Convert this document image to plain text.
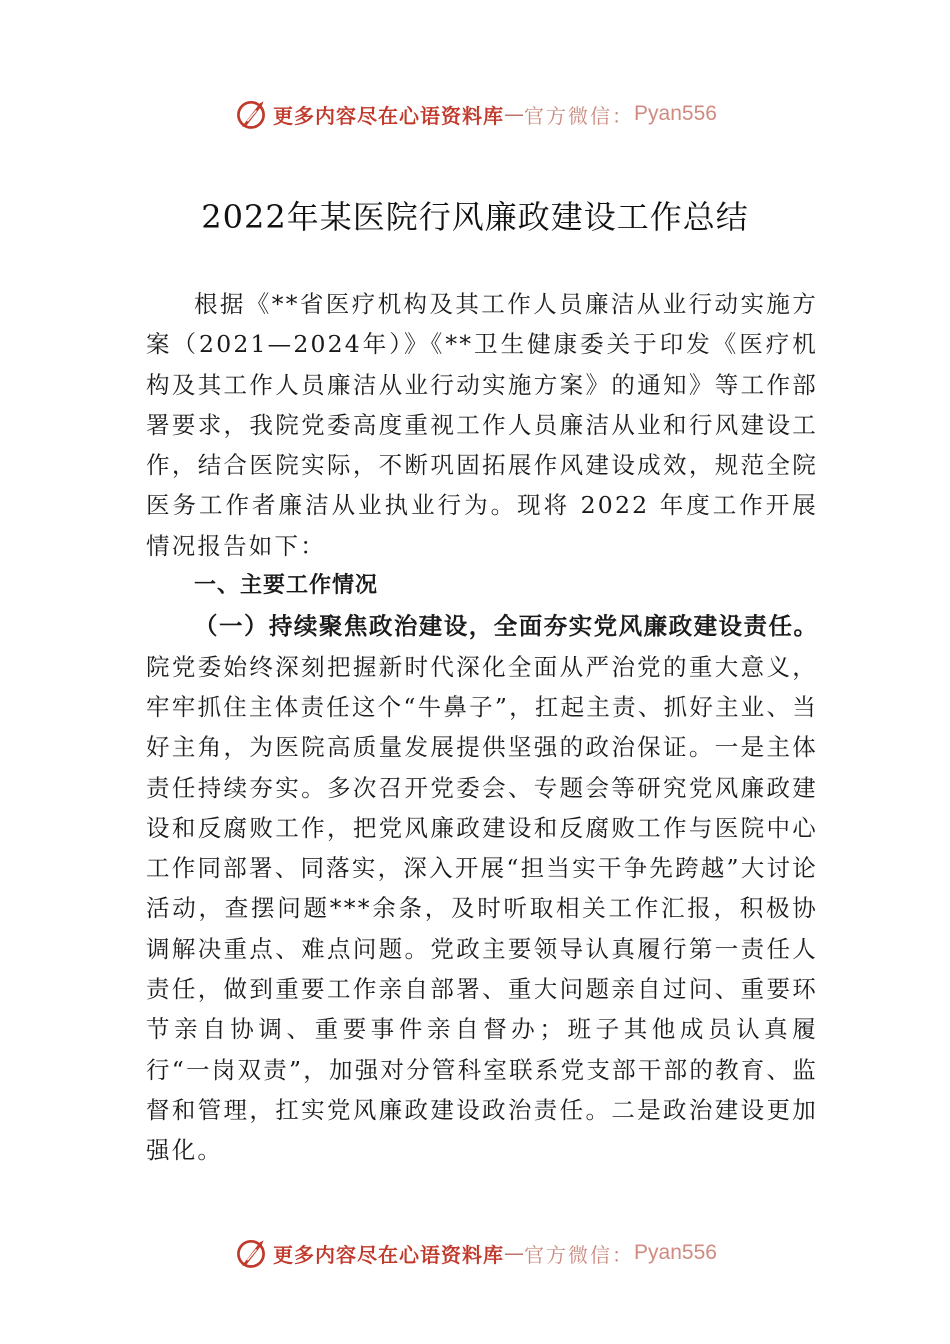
更多内容尽在心语资料库 — 官方微信： Pyan556
2022年某医院行风廉政建设工作总结

根据《**省医疗机构及其工作人员廉洁从业行动实施方案（2021—2024年）》《**卫生健康委关于印发《医疗机构及其工作人员廉洁从业行动实施方案》的通知》等工作部署要求，我院党委高度重视工作人员廉洁从业和行风建设工作，结合医院实际，不断巩固拓展作风建设成效，规范全院医务工作者廉洁从业执业行为。现将 2022 年度工作开展情况报告如下：

一、主要工作情况

（一）持续聚焦政治建设，全面夯实党风廉政建设责任。院党委始终深刻把握新时代深化全面从严治党的重大意义， 牢牢抓住主体责任这个“牛鼻子”，扛起主责、抓好主业、当好主角，为医院高质量发展提供坚强的政治保证。一是主体责任持续夯实。多次召开党委会、专题会等研究党风廉政建设和反腐败工作，把党风廉政建设和反腐败工作与医院中心工作同部署、同落实，深入开展“担当实干争先跨越”大讨论活动，查摆问题***余条，及时听取相关工作汇报，积极协调解决重点、难点问题。党政主要领导认真履行第一责任人责任，做到重要工作亲自部署、重大问题亲自过问、重要环节亲自协调、重要事件亲自督办；班子其他成员认真履行“一岗双责”，加强对分管科室联系党支部干部的教育、监督和管理，扛实党风廉政建设政治责任。二是政治建设更加强化。

更多内容尽在心语资料库 — 官方微信： Pyan556
